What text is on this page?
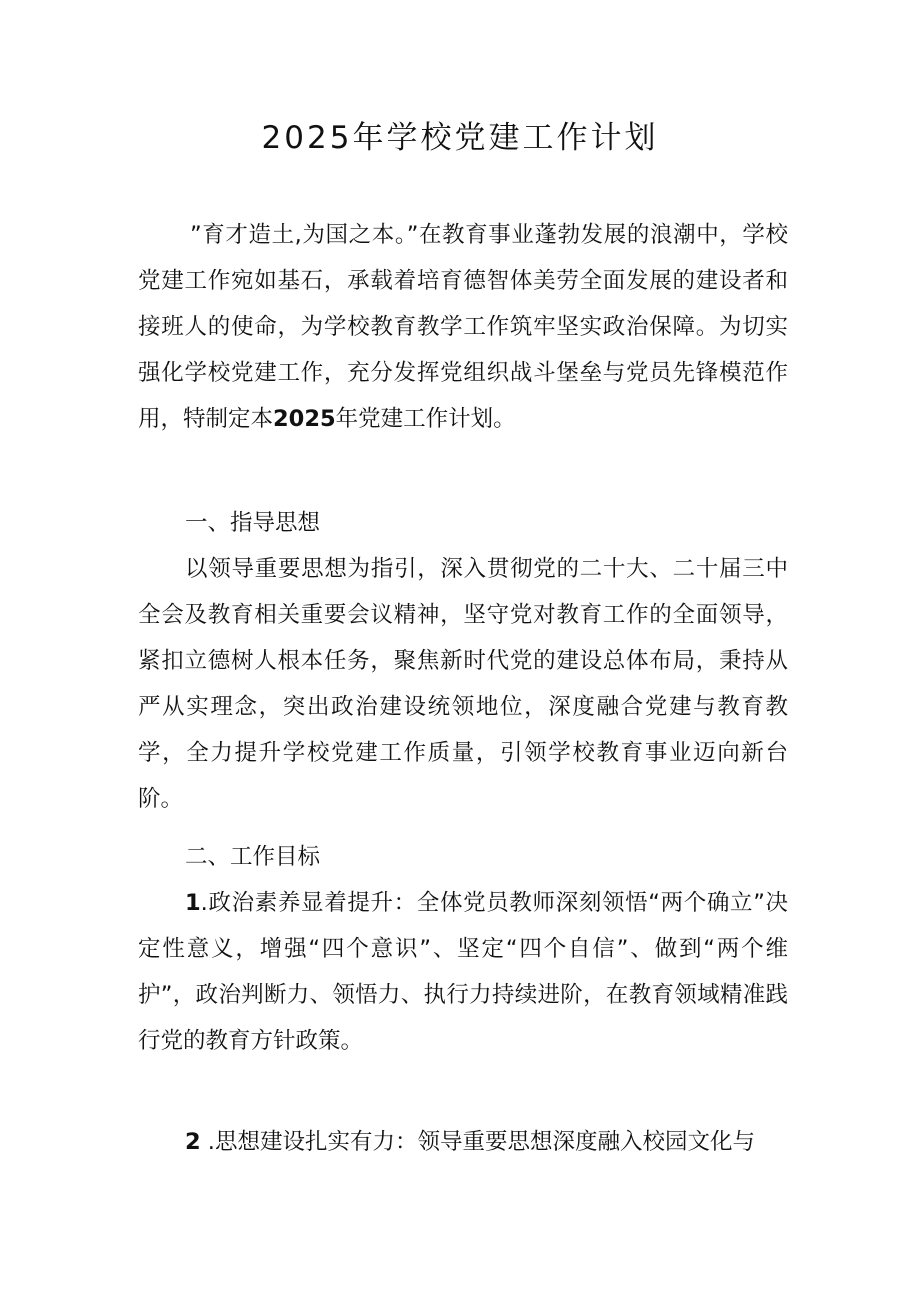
2025年学校党建工作计划

”育才造土,为国之本。”在教育事业蓬勃发展的浪潮中，学校党建工作宛如基石，承载着培育德智体美劳全面发展的建设者和接班人的使命，为学校教育教学工作筑牢坚实政治保障。为切实强化学校党建工作，充分发挥党组织战斗堡垒与党员先锋模范作用，特制定本2025年党建工作计划。

一、指导思想

以领导重要思想为指引，深入贯彻党的二十大、二十届三中全会及教育相关重要会议精神，坚守党对教育工作的全面领导，紧扣立德树人根本任务，聚焦新时代党的建设总体布局，秉持从严从实理念，突出政治建设统领地位，深度融合党建与教育教学，全力提升学校党建工作质量，引领学校教育事业迈向新台阶。

二、工作目标

1.政治素养显着提升：全体党员教师深刻领悟“两个确立”决定性意义，增强“四个意识”、坚定“四个自信”、做到“两个维护”，政治判断力、领悟力、执行力持续进阶，在教育领域精准践行党的教育方针政策。

2 .思想建设扎实有力：领导重要思想深度融入校园文化与
